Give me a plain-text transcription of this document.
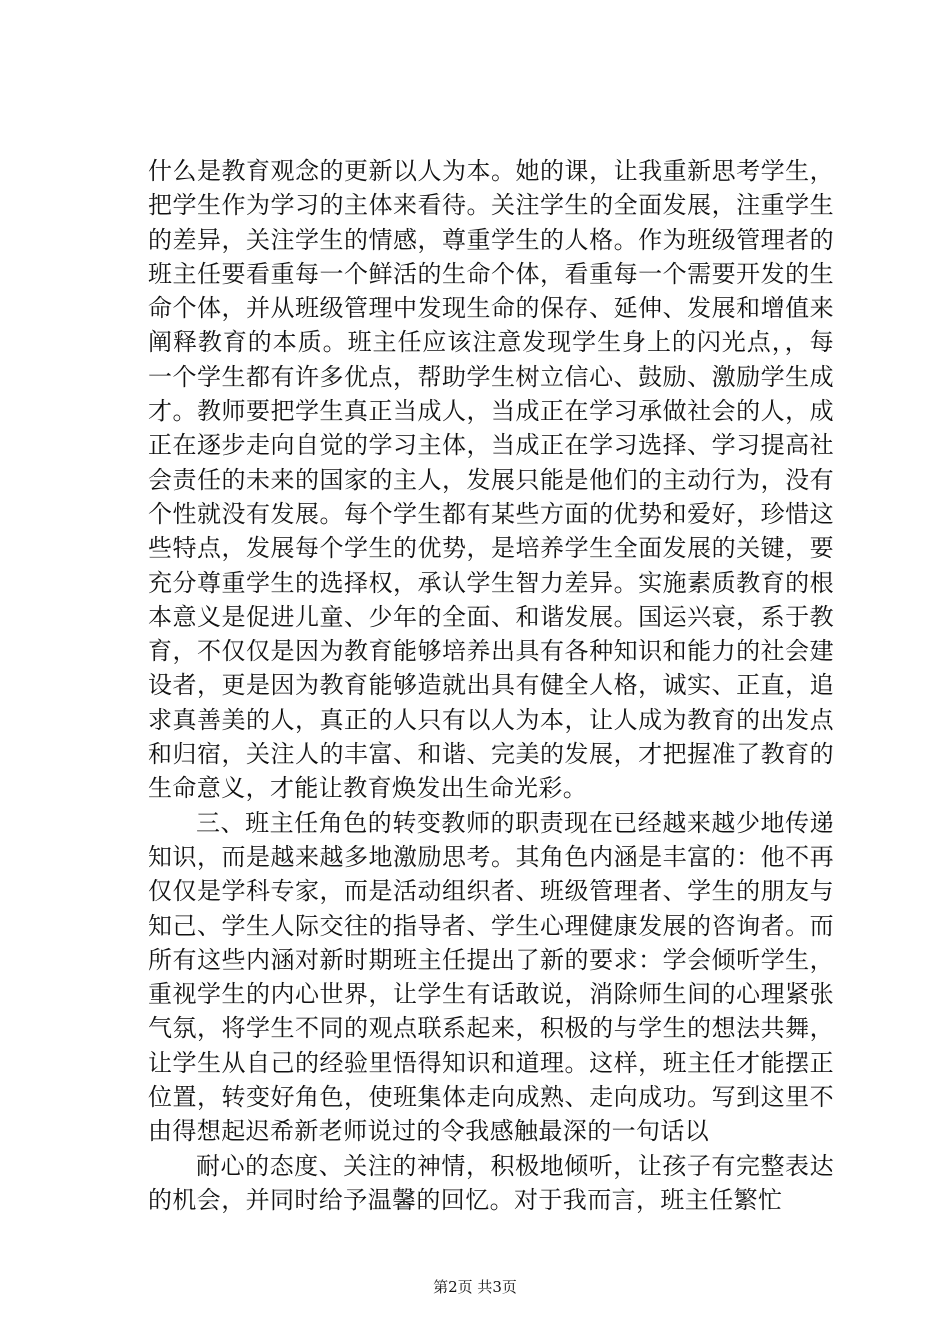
什么是教育观念的更新以人为本。她的课，让我重新思考学生，把学生作为学习的主体来看待。关注学生的全面发展，注重学生的差异，关注学生的情感，尊重学生的人格。作为班级管理者的班主任要看重每一个鲜活的生命个体，看重每一个需要开发的生命个体，并从班级管理中发现生命的保存、延伸、发展和增值来阐释教育的本质。班主任应该注意发现学生身上的闪光点，，每一个学生都有许多优点，帮助学生树立信心、鼓励、激励学生成才。教师要把学生真正当成人，当成正在学习承做社会的人，成正在逐步走向自觉的学习主体，当成正在学习选择、学习提高社会责任的未来的国家的主人，发展只能是他们的主动行为，没有个性就没有发展。每个学生都有某些方面的优势和爱好，珍惜这些特点，发展每个学生的优势，是培养学生全面发展的关键，要充分尊重学生的选择权，承认学生智力差异。实施素质教育的根本意义是促进儿童、少年的全面、和谐发展。国运兴衰，系于教育，不仅仅是因为教育能够培养出具有各种知识和能力的社会建设者，更是因为教育能够造就出具有健全人格，诚实、正直，追求真善美的人，真正的人只有以人为本，让人成为教育的出发点和归宿，关注人的丰富、和谐、完美的发展，才把握准了教育的生命意义，才能让教育焕发出生命光彩。

三、班主任角色的转变教师的职责现在已经越来越少地传递知识，而是越来越多地激励思考。其角色内涵是丰富的：他不再仅仅是学科专家，而是活动组织者、班级管理者、学生的朋友与知己、学生人际交往的指导者、学生心理健康发展的咨询者。而所有这些内涵对新时期班主任提出了新的要求：学会倾听学生，重视学生的内心世界，让学生有话敢说，消除师生间的心理紧张气氛，将学生不同的观点联系起来，积极的与学生的想法共舞，让学生从自己的经验里悟得知识和道理。这样，班主任才能摆正位置，转变好角色，使班集体走向成熟、走向成功。写到这里不由得想起迟希新老师说过的令我感触最深的一句话以

耐心的态度、关注的神情，积极地倾听，让孩子有完整表达的机会，并同时给予温馨的回忆。对于我而言，班主任繁忙

第2页 共3页
